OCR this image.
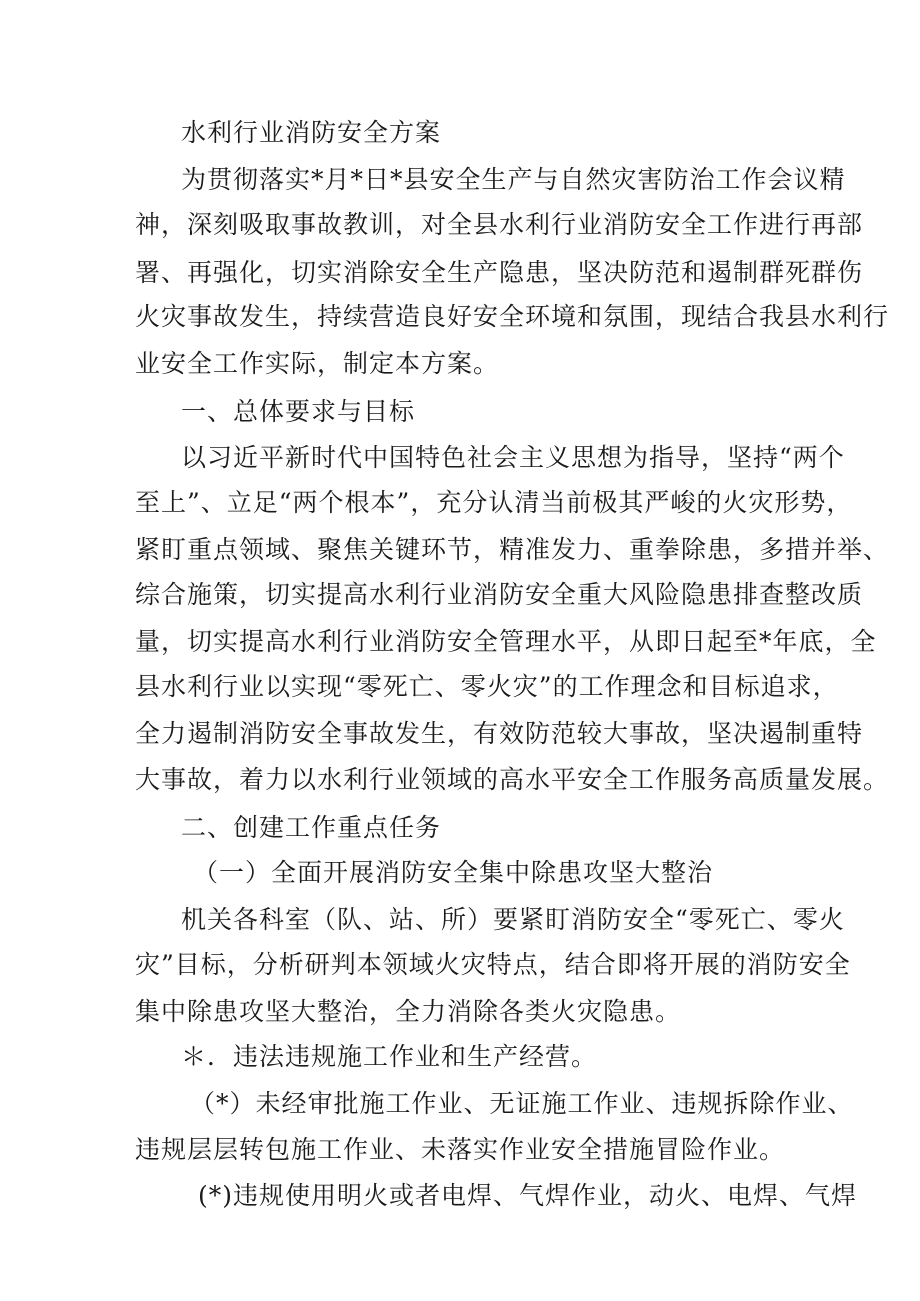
水利行业消防安全方案
为贯彻落实*月*日*县安全生产与自然灾害防治工作会议精
神，深刻吸取事故教训，对全县水利行业消防安全工作进行再部
署、再强化，切实消除安全生产隐患，坚决防范和遏制群死群伤
火灾事故发生，持续营造良好安全环境和氛围，现结合我县水利行
业安全工作实际，制定本方案。
一、总体要求与目标
以习近平新时代中国特色社会主义思想为指导，坚持“两个
至上”、立足“两个根本”，充分认清当前极其严峻的火灾形势，
紧盯重点领域、聚焦关键环节，精准发力、重拳除患，多措并举、
综合施策，切实提高水利行业消防安全重大风险隐患排查整改质
量，切实提高水利行业消防安全管理水平，从即日起至*年底，全
县水利行业以实现“零死亡、零火灾”的工作理念和目标追求，
全力遏制消防安全事故发生，有效防范较大事故，坚决遏制重特
大事故，着力以水利行业领域的高水平安全工作服务高质量发展。
二、创建工作重点任务
（一）全面开展消防安全集中除患攻坚大整治
机关各科室（队、站、所）要紧盯消防安全“零死亡、零火
灾”目标，分析研判本领域火灾特点，结合即将开展的消防安全
集中除患攻坚大整治，全力消除各类火灾隐患。
＊．违法违规施工作业和生产经营。
（*）未经审批施工作业、无证施工作业、违规拆除作业、
违规层层转包施工作业、未落实作业安全措施冒险作业。
(*)违规使用明火或者电焊、气焊作业，动火、电焊、气焊
